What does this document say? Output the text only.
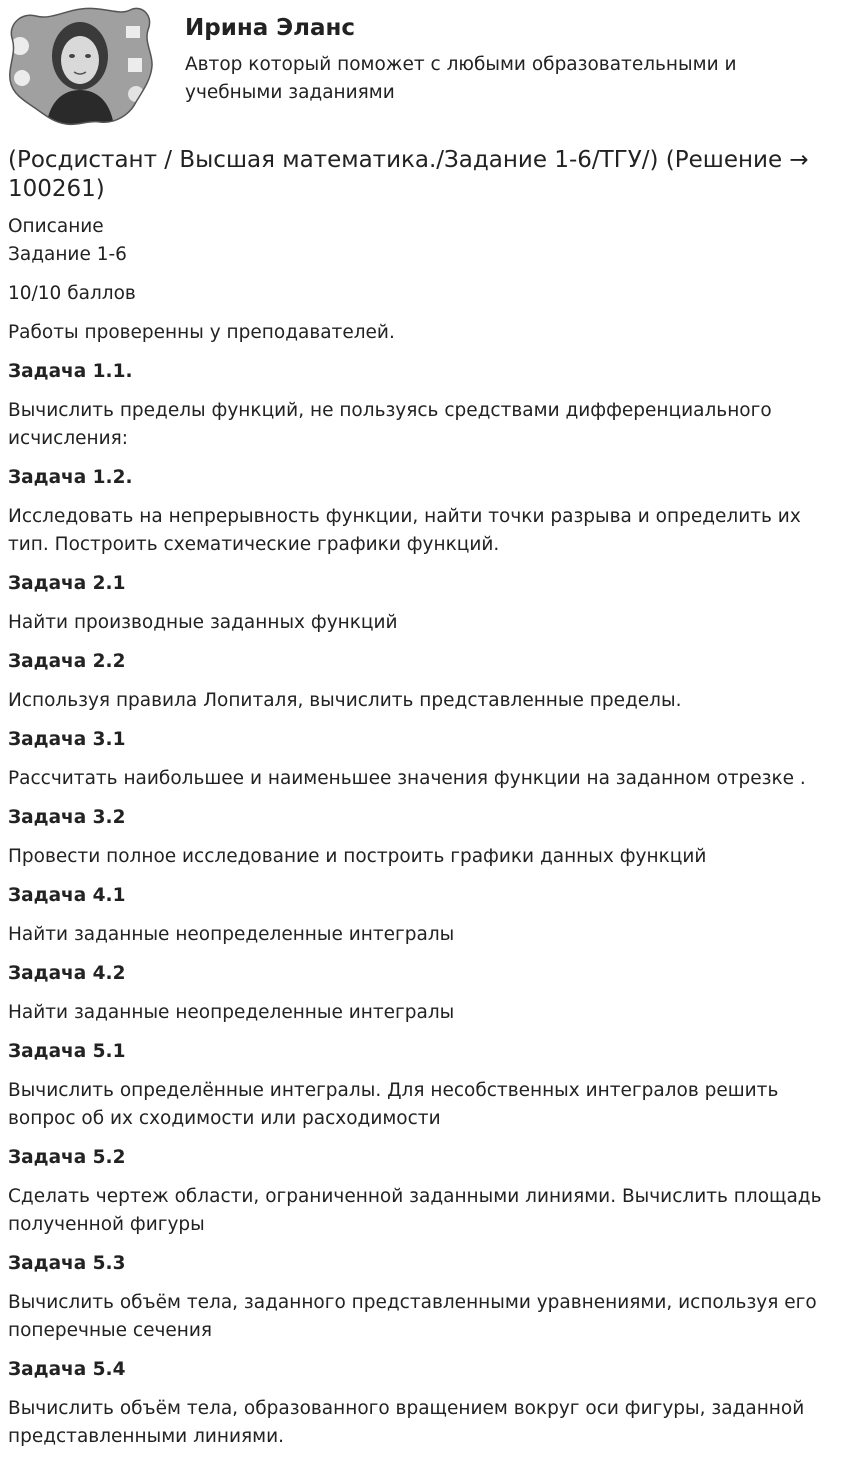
Ирина Эланс
Автор который поможет с любыми образовательными и учебными заданиями
(Росдистант / Высшая математика./Задание 1-6/ТГУ/) (Решение → 100261)

Описание

Задание 1-6

10/10 баллов

Работы проверенны у преподавателей.

Задача 1.1.

Вычислить пределы функций, не пользуясь средствами дифференциального исчисления:

Задача 1.2.

Исследовать на непрерывность функции, найти точки разрыва и определить их тип. Построить схематические графики функций.

Задача 2.1

Найти производные заданных функций

Задача 2.2

Используя правила Лопиталя, вычислить представленные пределы.

Задача 3.1

Рассчитать наибольшее и наименьшее значения функции на заданном отрезке .

Задача 3.2

Провести полное исследование и построить графики данных функций

Задача 4.1

Найти заданные неопределенные интегралы

Задача 4.2

Найти заданные неопределенные интегралы

Задача 5.1

Вычислить определённые интегралы. Для несобственных интегралов решить вопрос об их сходимости или расходимости

Задача 5.2

Сделать чертеж области, ограниченной заданными линиями. Вычислить площадь полученной фигуры

Задача 5.3

Вычислить объём тела, заданного представленными уравнениями, используя его поперечные сечения

Задача 5.4

Вычислить объём тела, образованного вращением вокруг оси фигуры, заданной представленными линиями.
